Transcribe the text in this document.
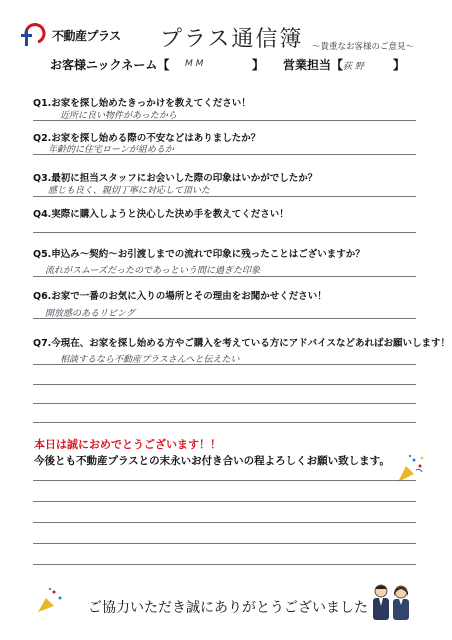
不動産プラス プラス通信簿 ～貴重なお客様のご意見～
お客様ニックネーム【 M M	】 営業担当【 荻 野 】
Q1.お家を探し始めたきっかけを教えてください！
近所に良い物件があったから
Q2.お家を探し始める際の不安などはありましたか？
年齢的に住宅ローンが組めるか
Q3.最初に担当スタッフにお会いした際の印象はいかがでしたか？
感じも良く、親切丁寧に対応して頂いた
Q4.実際に購入しようと決心した決め手を教えてください！
Q5.申込み～契約～お引渡しまでの流れで印象に残ったことはございますか？
流れがスムーズだったのであっという間に過ぎた印象
Q6.お家で一番のお気に入りの場所とその理由をお聞かせください！
開放感のあるリビング
Q7.今現在、お家を探し始める方やご購入を考えている方にアドバイスなどあればお願いします！
相談するなら不動産プラスさんへと伝えたい
本日は誠におめでとうございます！！
今後とも不動産プラスとの末永いお付き合いの程よろしくお願い致します。
ご協力いただき誠にありがとうございました
